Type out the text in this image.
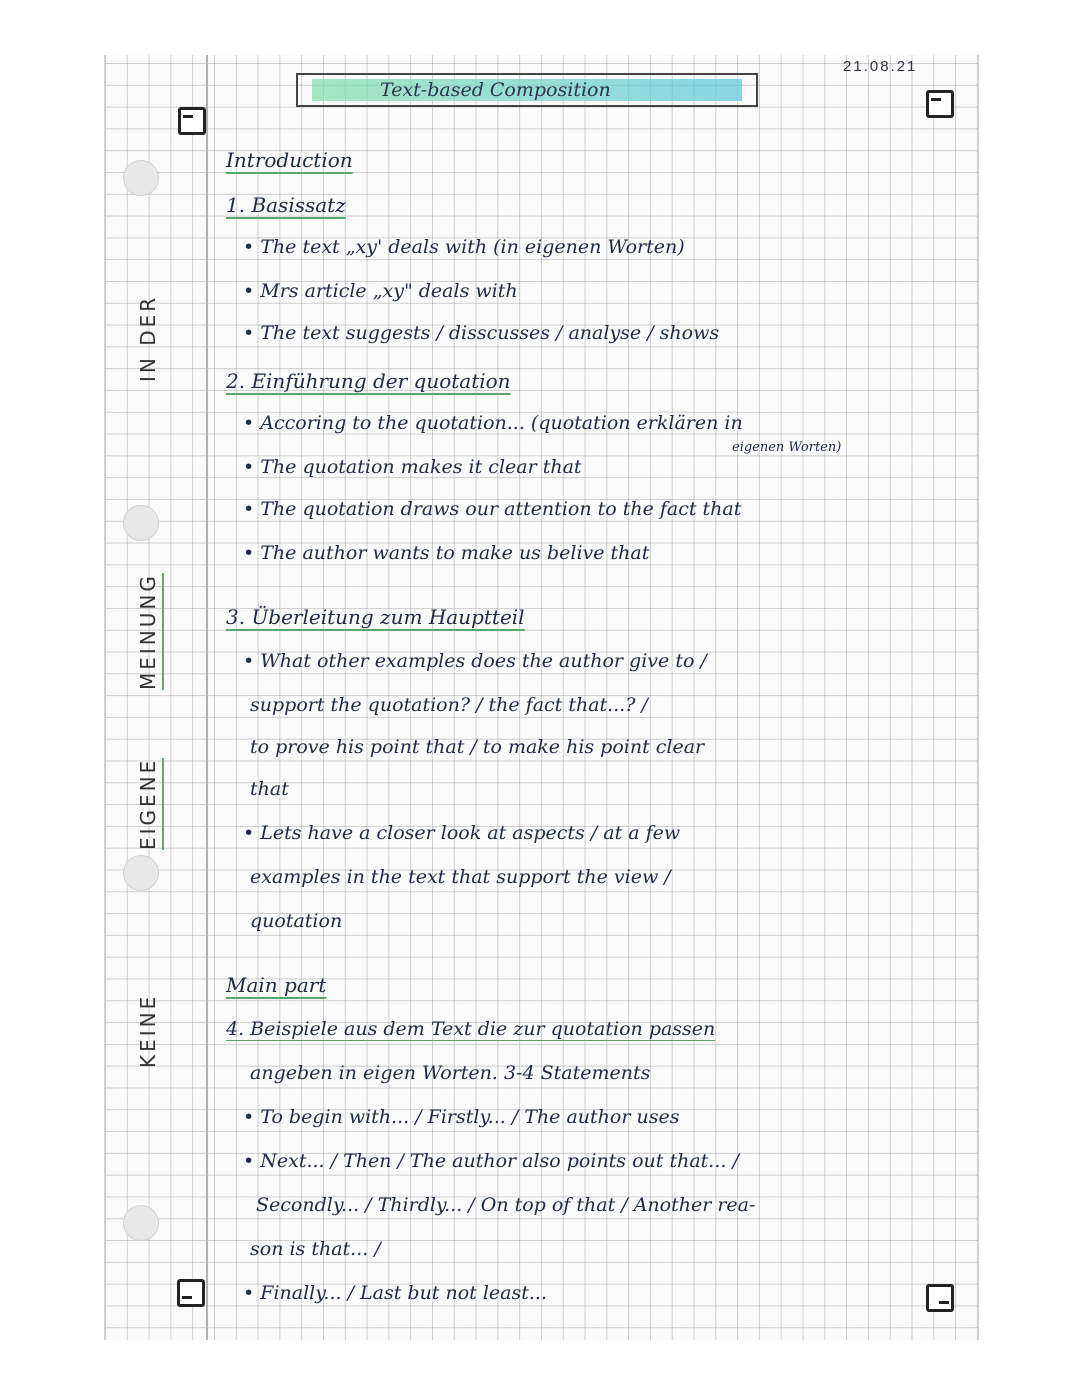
KEINE
EIGENE
MEINUNG
IN DER
21.08.21
Text-based Composition
Introduction
1. Basissatz
• The text „xy' deals with (in eigenen Worten)
• Mrs article „xy" deals with
• The text suggests / disscusses / analyse / shows
2. Einführung der quotation
• Accoring to the quotation... (quotation erklären in
eigenen Worten)
• The quotation makes it clear that
• The quotation draws our attention to the fact that
• The author wants to make us belive that
3. Überleitung zum Hauptteil
• What other examples does the author give to /
support the quotation? / the fact that...? /
to prove his point that / to make his point clear
that
• Lets have a closer look at aspects / at a few
examples in the text that support the view /
quotation
Main part
4. Beispiele aus dem Text die zur quotation passen
angeben in eigen Worten. 3-4 Statements
• To begin with... / Firstly... / The author uses
• Next... / Then / The author also points out that... /
Secondly... / Thirdly... / On top of that / Another rea-
son is that... /
• Finally... / Last but not least...
